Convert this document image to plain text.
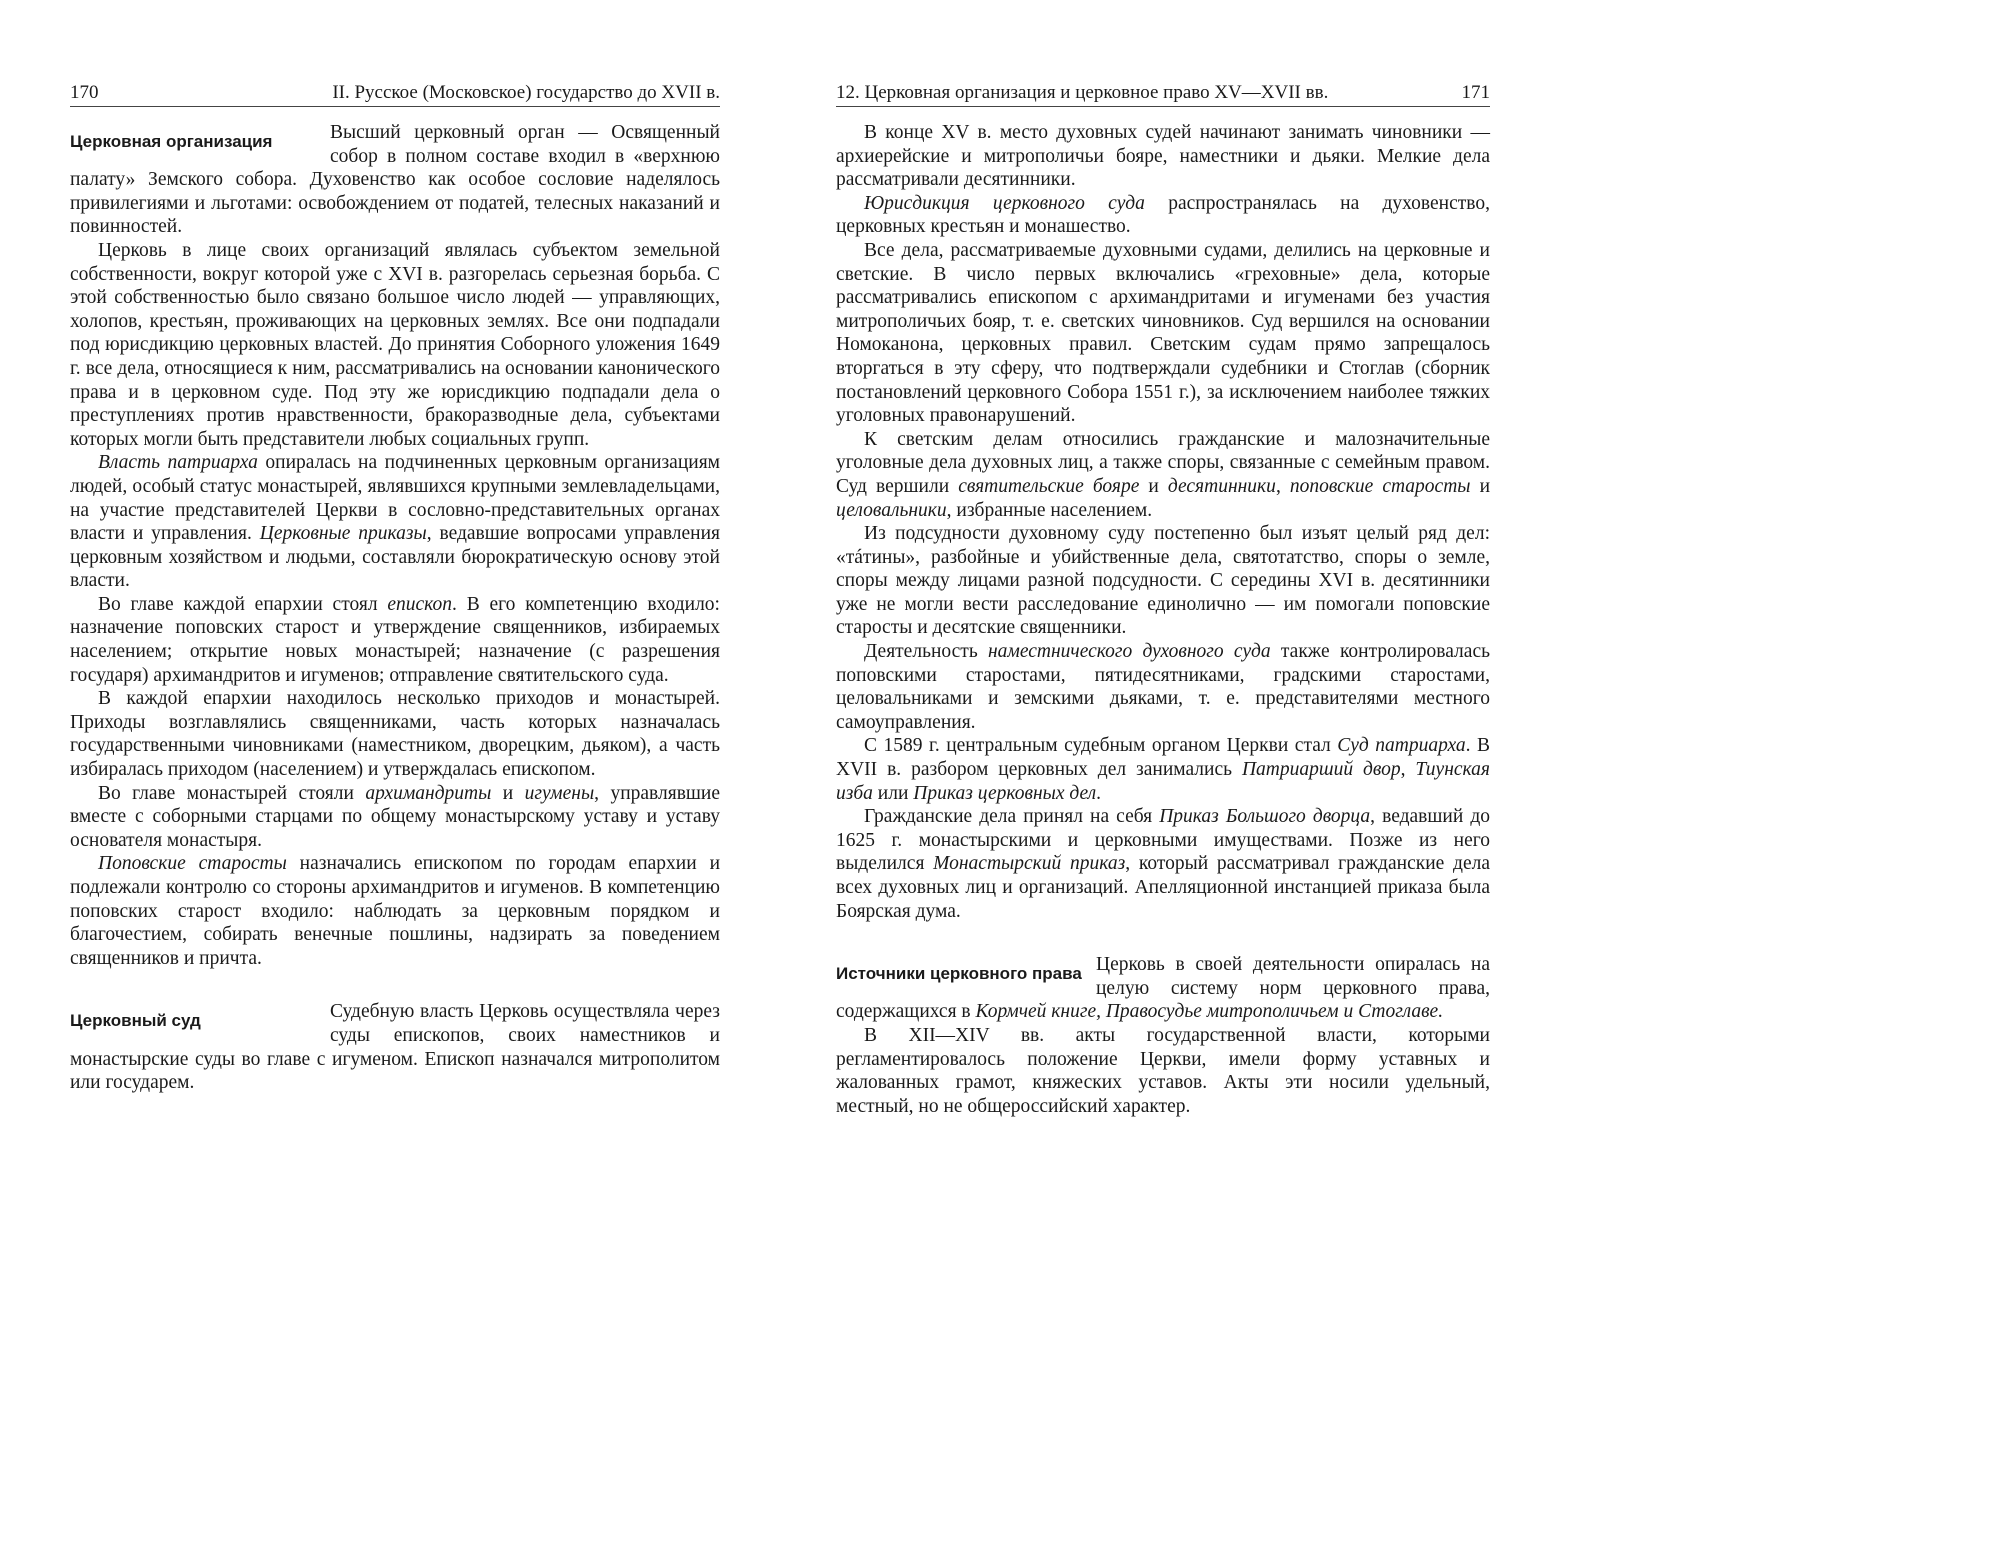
170	II. Русское (Московское) государство до XVII в.
Церковная организация	Высший церковный орган — Освященный собор в полном составе входил в «верхнюю палату» Земского собора. Духовенство как особое сословие наделялось привилегиями и льготами: освобождением от податей, телесных наказаний и повинностей.

Церковь в лице своих организаций являлась субъектом земельной собственности, вокруг которой уже с XVI в. разгорелась серьезная борьба. С этой собственностью было связано большое число людей — управляющих, холопов, крестьян, проживающих на церковных землях. Все они подпадали под юрисдикцию церковных властей. До принятия Соборного уложения 1649 г. все дела, относящиеся к ним, рассматривались на основании канонического права и в церковном суде. Под эту же юрисдикцию подпадали дела о преступлениях против нравственности, бракоразводные дела, субъектами которых могли быть представители любых социальных групп.

Власть патриарха опиралась на подчиненных церковным организациям людей, особый статус монастырей, являвшихся крупными землевладельцами, на участие представителей Церкви в сословно-представительных органах власти и управления. Церковные приказы, ведавшие вопросами управления церковным хозяйством и людьми, составляли бюрократическую основу этой власти.

Во главе каждой епархии стоял епископ. В его компетенцию входило: назначение поповских старост и утверждение священников, избираемых населением; открытие новых монастырей; назначение (с разрешения государя) архимандритов и игуменов; отправление святительского суда.

В каждой епархии находилось несколько приходов и монастырей. Приходы возглавлялись священниками, часть которых назначалась государственными чиновниками (наместником, дворецким, дьяком), а часть избиралась приходом (населением) и утверждалась епископом.

Во главе монастырей стояли архимандриты и игумены, управлявшие вместе с соборными старцами по общему монастырскому уставу и уставу основателя монастыря.

Поповские старосты назначались епископом по городам епархии и подлежали контролю со стороны архимандритов и игуменов. В компетенцию поповских старост входило: наблюдать за церковным порядком и благочестием, собирать венечные пошлины, надзирать за поведением священников и причта.

Церковный суд	Судебную власть Церковь осуществляла через суды епископов, своих наместников и монастырские суды во главе с игуменом. Епископ назначался митрополитом или государем.

12. Церковная организация и церковное право XV—XVII вв.	171

В конце XV в. место духовных судей начинают занимать чиновники — архиерейские и митрополичьи бояре, наместники и дьяки. Мелкие дела рассматривали десятинники.

Юрисдикция церковного суда распространялась на духовенство, церковных крестьян и монашество.

Все дела, рассматриваемые духовными судами, делились на церковные и светские. В число первых включались «греховные» дела, которые рассматривались епископом с архимандритами и игуменами без участия митрополичьих бояр, т. е. светских чиновников. Суд вершился на основании Номоканона, церковных правил. Светским судам прямо запрещалось вторгаться в эту сферу, что подтверждали судебники и Стоглав (сборник постановлений церковного Собора 1551 г.), за исключением наиболее тяжких уголовных правонарушений.

К светским делам относились гражданские и малозначительные уголовные дела духовных лиц, а также споры, связанные с семейным правом. Суд вершили святительские бояре и десятинники, поповские старосты и целовальники, избранные населением.

Из подсудности духовному суду постепенно был изъят целый ряд дел: «тáтины», разбойные и убийственные дела, святотатство, споры о земле, споры между лицами разной подсудности. С середины XVI в. десятинники уже не могли вести расследование единолично — им помогали поповские старосты и десятские священники.

Деятельность наместнического духовного суда также контролировалась поповскими старостами, пятидесятниками, градскими старостами, целовальниками и земскими дьяками, т. е. представителями местного самоуправления.

С 1589 г. центральным судебным органом Церкви стал Суд патриарха. В XVII в. разбором церковных дел занимались Патриарший двор, Тиунская изба или Приказ церковных дел.

Гражданские дела принял на себя Приказ Большого дворца, ведавший до 1625 г. монастырскими и церковными имуществами. Позже из него выделился Монастырский приказ, который рассматривал гражданские дела всех духовных лиц и организаций. Апелляционной инстанцией приказа была Боярская дума.

Источники церковного права Церковь в своей деятельности опиралась на целую систему норм церковного права, содержащихся в Кормчей книге, Правосудье митрополичьем и Стоглаве.

В XII—XIV вв. акты государственной власти, которыми регламентировалось положение Церкви, имели форму уставных и жалованных грамот, княжеских уставов. Акты эти носили удельный, местный, но не общероссийский характер.
